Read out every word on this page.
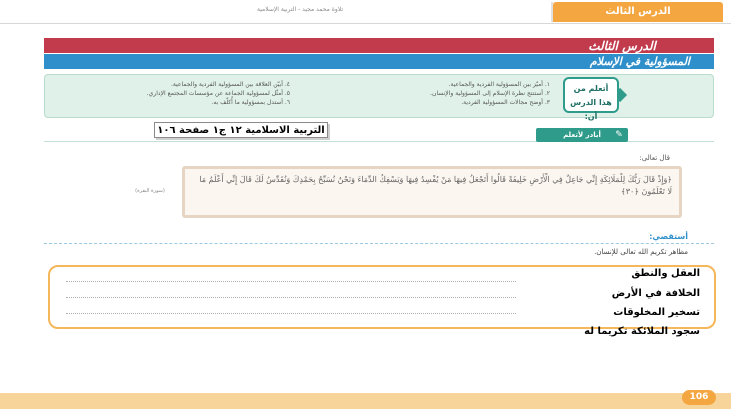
تلاوة محمد مجيد - التربية الإسلامية	الدرس الثالث
الدرس الثالث
المسؤولية في الإسلام
أتعلم من
هذا الدرس أن:
١. أميّز بين المسؤولية الفردية والجماعية.
٢. أستنتج نظرة الإسلام إلى المسؤولية والإنسان.
٣. أوضح مجالات المسؤولية الفردية.
٤. أبيّن العلاقة بين المسؤولية الفردية والجماعية.
٥. أمثّل لمسؤولية الجماعة عن مؤسسات المجتمع الإداري.
٦. أستدل بمسؤولية ما أُكلّف به.
التربية الاسلامية ١٢ ج١ صفحة ١٠٦	أبادر لأتعلم	✎
قال تعالى:
﴿وَإِذْ قَالَ رَبُّكَ لِلْمَلَائِكَةِ إِنِّي جَاعِلٌ فِي الْأَرْضِ خَلِيفَةً قَالُوا أَتَجْعَلُ فِيهَا مَنْ يُفْسِدُ فِيهَا وَيَسْفِكُ الدِّمَاءَ وَنَحْنُ نُسَبِّحُ بِحَمْدِكَ وَنُقَدِّسُ لَكَ قَالَ إِنِّي أَعْلَمُ مَا لَا تَعْلَمُونَ ﴿٣٠﴾
(سورة البقرة)
أستقصي:
مظاهر تكريم الله تعالى للإنسان.
العقل والنطق
الخلافة في الأرض
تسخير المخلوقات
سجود الملائكة تكريما له
106
